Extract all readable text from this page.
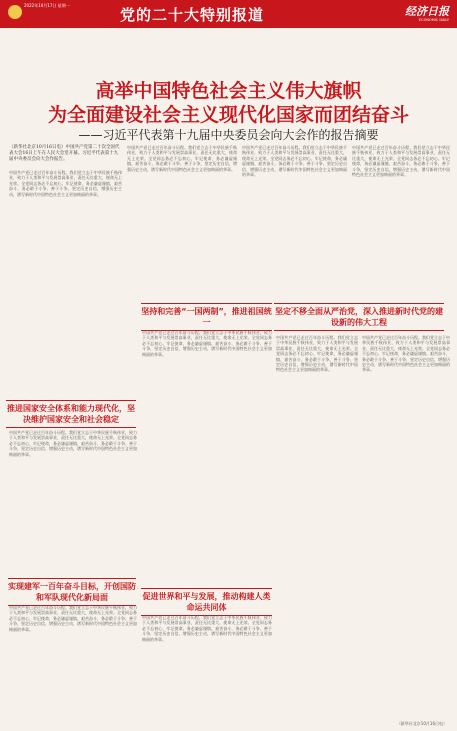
2022年10月17日 星期一
党的二十大特别报道	经济日报
ECONOMIC DAILY
高举中国特色社会主义伟大旗帜
为全面建设社会主义现代化国家而团结奋斗
——习近平代表第十九届中央委员会向大会作的报告摘要
（新华社北京10月16日电）中国共产党第二十次全国代表大会16日上午在人民大会堂开幕。习近平代表第十九届中央委员会向大会作报告。
中国共产党已走过百年奋斗历程。我们党立志于中华民族千秋伟业，致力于人类和平与发展崇高事业，责任无比重大，使命无上光荣。全党同志务必不忘初心、牢记使命，务必谦虚谨慎、艰苦奋斗，务必敢于斗争、善于斗争，坚定历史自信，增强历史主动，谱写新时代中国特色社会主义更加绚丽的华章。
中国共产党已走过百年奋斗历程。我们党立志于中华民族千秋伟业，致力于人类和平与发展崇高事业，责任无比重大，使命无上光荣。全党同志务必不忘初心、牢记使命，务必谦虚谨慎、艰苦奋斗，务必敢于斗争、善于斗争，坚定历史自信，增强历史主动，谱写新时代中国特色社会主义更加绚丽的华章。
中国共产党已走过百年奋斗历程。我们党立志于中华民族千秋伟业，致力于人类和平与发展崇高事业，责任无比重大，使命无上光荣。全党同志务必不忘初心、牢记使命，务必谦虚谨慎、艰苦奋斗，务必敢于斗争、善于斗争，坚定历史自信，增强历史主动，谱写新时代中国特色社会主义更加绚丽的华章。
中国共产党已走过百年奋斗历程。我们党立志于中华民族千秋伟业，致力于人类和平与发展崇高事业，责任无比重大，使命无上光荣。全党同志务必不忘初心、牢记使命，务必谦虚谨慎、艰苦奋斗，务必敢于斗争、善于斗争，坚定历史自信，增强历史主动，谱写新时代中国特色社会主义更加绚丽的华章。
坚持和完善“一国两制”，推进祖国统一
坚定不移全面从严治党，深入推进新时代党的建设新的伟大工程
推进国家安全体系和能力现代化，坚决维护国家安全和社会稳定
实现建军一百年奋斗目标，开创国防和军队现代化新局面	促进世界和平与发展，推动构建人类命运共同体
中国共产党已走过百年奋斗历程。我们党立志于中华民族千秋伟业，致力于人类和平与发展崇高事业，责任无比重大，使命无上光荣。全党同志务必不忘初心、牢记使命，务必谦虚谨慎、艰苦奋斗，务必敢于斗争、善于斗争，坚定历史自信，增强历史主动，谱写新时代中国特色社会主义更加绚丽的华章。
中国共产党已走过百年奋斗历程。我们党立志于中华民族千秋伟业，致力于人类和平与发展崇高事业，责任无比重大，使命无上光荣。全党同志务必不忘初心、牢记使命，务必谦虚谨慎、艰苦奋斗，务必敢于斗争、善于斗争，坚定历史自信，增强历史主动，谱写新时代中国特色社会主义更加绚丽的华章。
中国共产党已走过百年奋斗历程。我们党立志于中华民族千秋伟业，致力于人类和平与发展崇高事业，责任无比重大，使命无上光荣。全党同志务必不忘初心、牢记使命，务必谦虚谨慎、艰苦奋斗，务必敢于斗争、善于斗争，坚定历史自信，增强历史主动，谱写新时代中国特色社会主义更加绚丽的华章。
中国共产党已走过百年奋斗历程。我们党立志于中华民族千秋伟业，致力于人类和平与发展崇高事业，责任无比重大，使命无上光荣。全党同志务必不忘初心、牢记使命，务必谦虚谨慎、艰苦奋斗，务必敢于斗争、善于斗争，坚定历史自信，增强历史主动，谱写新时代中国特色社会主义更加绚丽的华章。
中国共产党已走过百年奋斗历程。我们党立志于中华民族千秋伟业，致力于人类和平与发展崇高事业，责任无比重大，使命无上光荣。全党同志务必不忘初心、牢记使命，务必谦虚谨慎、艰苦奋斗，务必敢于斗争、善于斗争，坚定历史自信，增强历史主动，谱写新时代中国特色社会主义更加绚丽的华章。
中国共产党已走过百年奋斗历程。我们党立志于中华民族千秋伟业，致力于人类和平与发展崇高事业，责任无比重大，使命无上光荣。全党同志务必不忘初心、牢记使命，务必谦虚谨慎、艰苦奋斗，务必敢于斗争、善于斗争，坚定历史自信，增强历史主动，谱写新时代中国特色社会主义更加绚丽的华章。
（新华社北京10月16日电）
